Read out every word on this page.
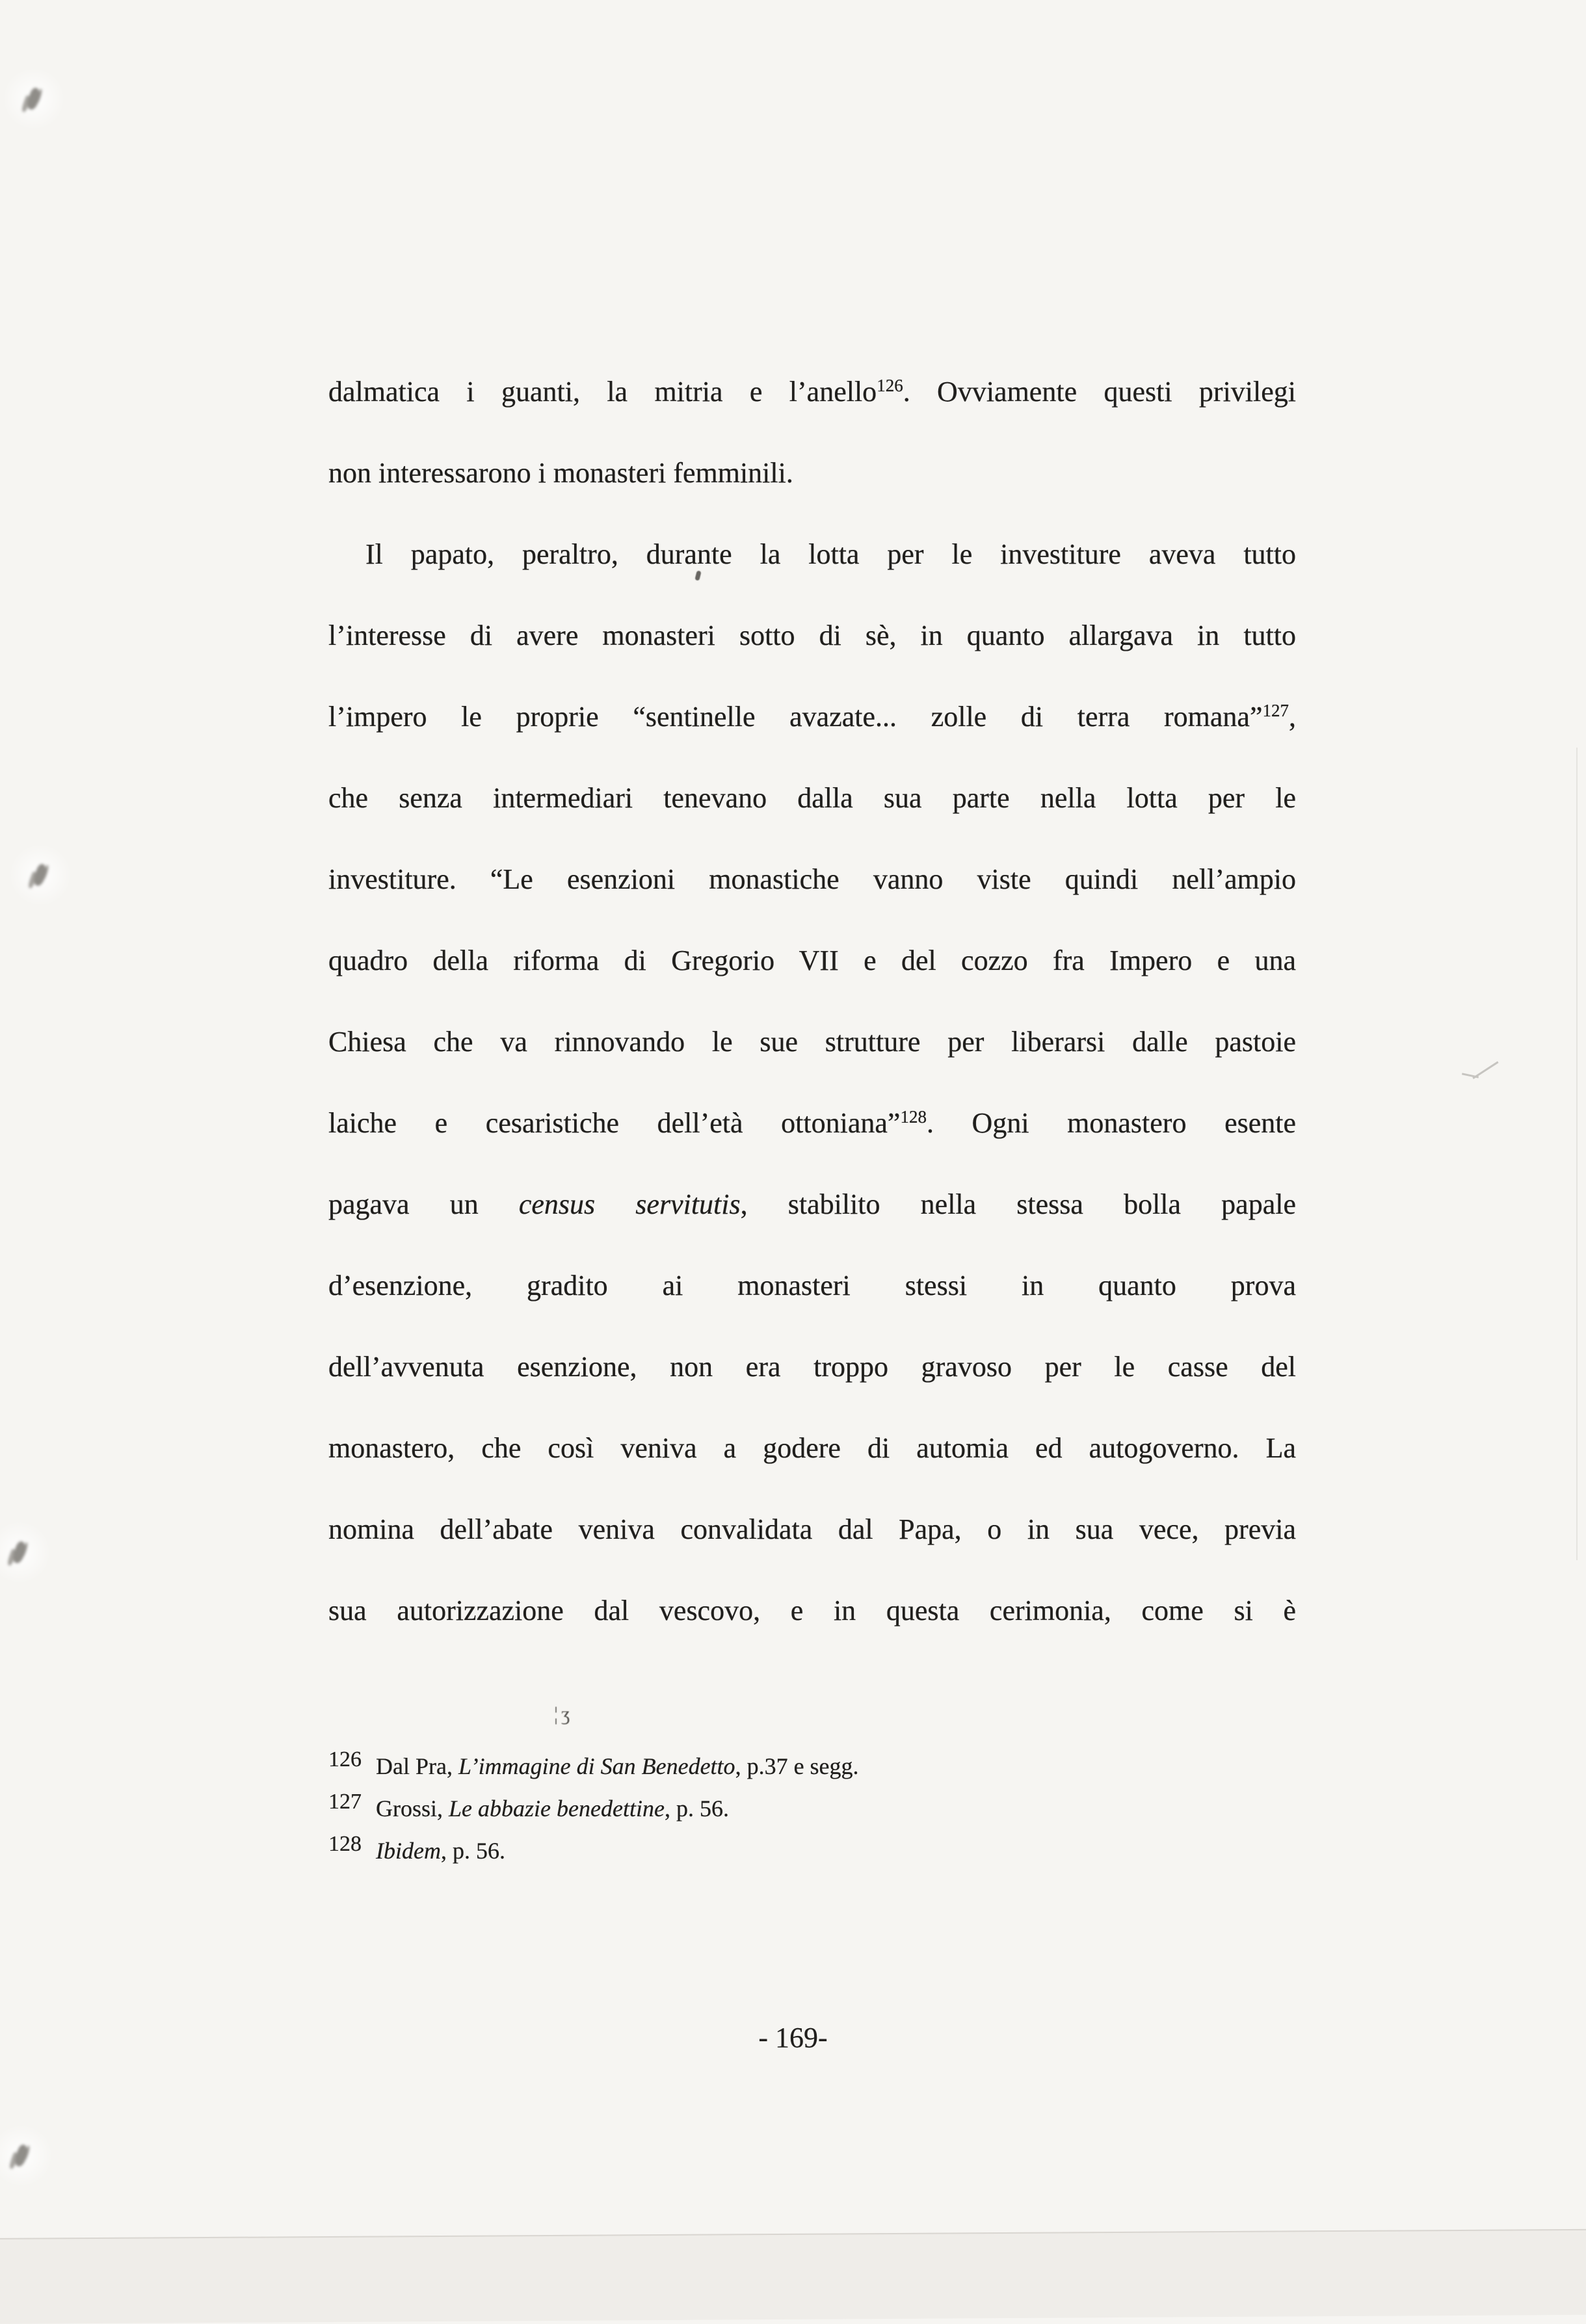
dalmatica i guanti, la mitria e l’anello$^{126}$. Ovviamente questi privilegi
non interessarono i monasteri femminili.
Il papato, peraltro, durante la lotta per le investiture aveva tutto
l’interesse di avere monasteri sotto di sè, in quanto allargava in tutto
l’impero le proprie “sentinelle avazate... zolle di terra romana”$^{127}$,
che senza intermediari tenevano dalla sua parte nella lotta per le
investiture. “Le esenzioni monastiche vanno viste quindi nell’ampio
quadro della riforma di Gregorio VII e del cozzo fra Impero e una
Chiesa che va rinnovando le sue strutture per liberarsi dalle pastoie
laiche e cesaristiche dell’età ottoniana”$^{128}$. Ogni monastero esente
pagava un census servitutis, stabilito nella stessa bolla papale
d’esenzione, gradito ai monasteri stessi in quanto prova
dell’avvenuta esenzione, non era troppo gravoso per le casse del
monastero, che così veniva a godere di automia ed autogoverno. La
nomina dell’abate veniva convalidata dal Papa, o in sua vece, previa
sua autorizzazione dal vescovo, e in questa cerimonia, come si è
126 Dal Pra, L’immagine di San Benedetto, p.37 e segg.
127 Grossi, Le abbazie benedettine, p. 56.
128 Ibidem, p. 56.
- 169-
¦ʒ
